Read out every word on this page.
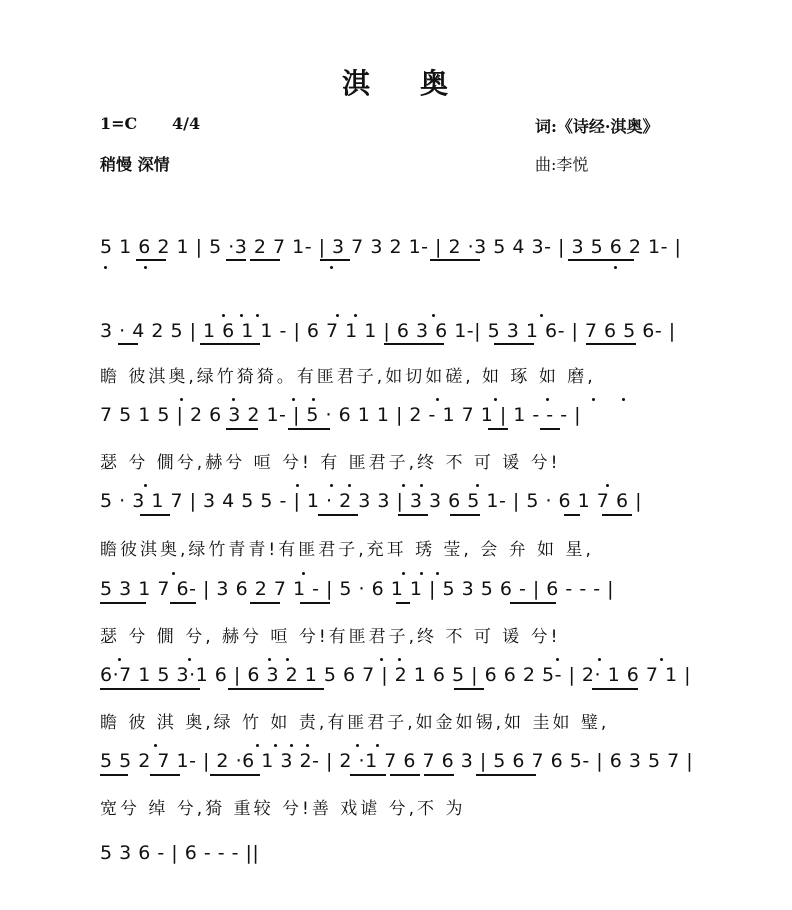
淇 奥
1=C 4/4	词:《诗经·淇奥》
稍慢 深情	曲:李悦
5 1 6 2 1 | 5 ·3 2 7 1- | 3 7 3 2 1- | 2 ·3 5 4 3- | 3 5 6 2 1- |
3 · 4 2 5 | 1 6 1 1 - | 6 7 1 1 | 6 3 6 1-| 5 3 1 6- | 7 6 5 6- |
瞻 彼淇奥,绿竹猗猗。有匪君子,如切如磋, 如 琢 如 磨,
7 5 1 5 | 2 6 3 2 1- | 5 · 6 1 1 | 2 - 1 7 1 | 1 - - - |
瑟 兮 僩兮,赫兮 咺 兮! 有 匪君子,终 不 可 谖 兮!
5 · 3 1 7 | 3 4 5 5 - | 1 · 2 3 3 | 3 3 6 5 1- | 5 · 6 1 7 6 |
瞻彼淇奥,绿竹青青!有匪君子,充耳 琇 莹, 会 弁 如 星,
5 3 1 7 6- | 3 6 2 7 1 - | 5 · 6 1 1 | 5 3 5 6 - | 6 - - - |
瑟 兮 僩 兮, 赫兮 咺 兮!有匪君子,终 不 可 谖 兮!
6·7 1 5 3·1 6 | 6 3 2 1 5 6 7 | 2 1 6 5 | 6 6 2 5- | 2· 1 6 7 1 |
瞻 彼 淇 奥,绿 竹 如 责,有匪君子,如金如锡,如 圭如 璧,
5 5 2 7 1- | 2 ·6 1 3 2- | 2 ·1 7 6 7 6 3 | 5 6 7 6 5- | 6 3 5 7 |
宽兮 绰 兮,猗 重较 兮!善 戏谑 兮,不 为
5 3 6 - | 6 - - - ||
